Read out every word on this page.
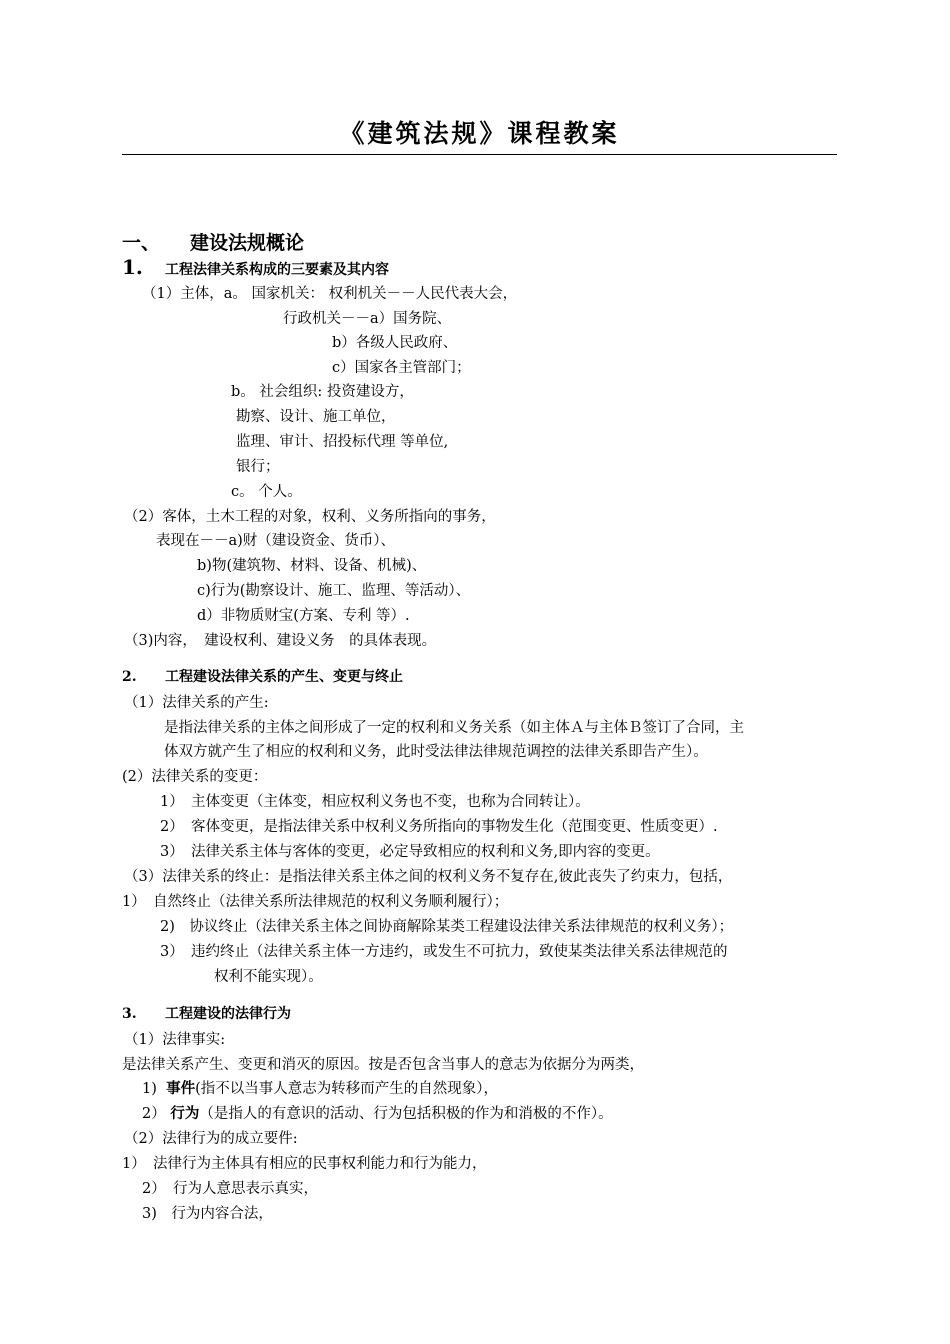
《建筑法规》课程教案
一、 建设法规概论
1. 工程法律关系构成的三要素及其内容
（1）主体，a。 国家机关： 权利机关－－人民代表大会，
行政机关－－a）国务院、
b）各级人民政府、
c）国家各主管部门；
b。 社会组织: 投资建设方，
勘察、设计、施工单位，
监理、审计、招投标代理 等单位,
银行；
c。 个人。
（2）客体，土木工程的对象，权利、义务所指向的事务，
表现在－－a)财（建设资金、货币）、
b)物(建筑物、材料、设备、机械)、
c)行为(勘察设计、施工、监理、等活动）、
d）非物质财宝(方案、专利 等）.
（3)内容，　建设权利、建设义务　的具体表现。
2. 工程建设法律关系的产生、变更与终止
（1）法律关系的产生:
是指法律关系的主体之间形成了一定的权利和义务关系（如主体Ａ与主体Ｂ签订了合同，主
体双方就产生了相应的权利和义务，此时受法律法律规范调控的法律关系即告产生）。
(2）法律关系的变更：
1）　主体变更（主体变，相应权利义务也不变，也称为合同转让）。
2）　客体变更，是指法律关系中权利义务所指向的事物发生化（范围变更、性质变更）.
3）　法律关系主体与客体的变更，必定导致相应的权利和义务,即内容的变更。
（3）法律关系的终止：是指法律关系主体之间的权利义务不复存在,彼此丧失了约束力，包括，
1）　自然终止（法律关系所法律规范的权利义务顺利履行）；
2)　协议终止（法律关系主体之间协商解除某类工程建设法律关系法律规范的权利义务）；
3）　违约终止（法律关系主体一方违约，或发生不可抗力，致使某类法律关系法律规范的
权利不能实现）。
3. 工程建设的法律行为
（1）法律事实:
是法律关系产生、变更和消灭的原因。按是否包含当事人的意志为依据分为两类，
1) 事件(指不以当事人意志为转移而产生的自然现象），
2） 行为（是指人的有意识的活动、行为包括积极的作为和消极的不作）。
（2）法律行为的成立要件:
1）　法律行为主体具有相应的民事权利能力和行为能力，
2）　行为人意思表示真实，
3)　行为内容合法，
